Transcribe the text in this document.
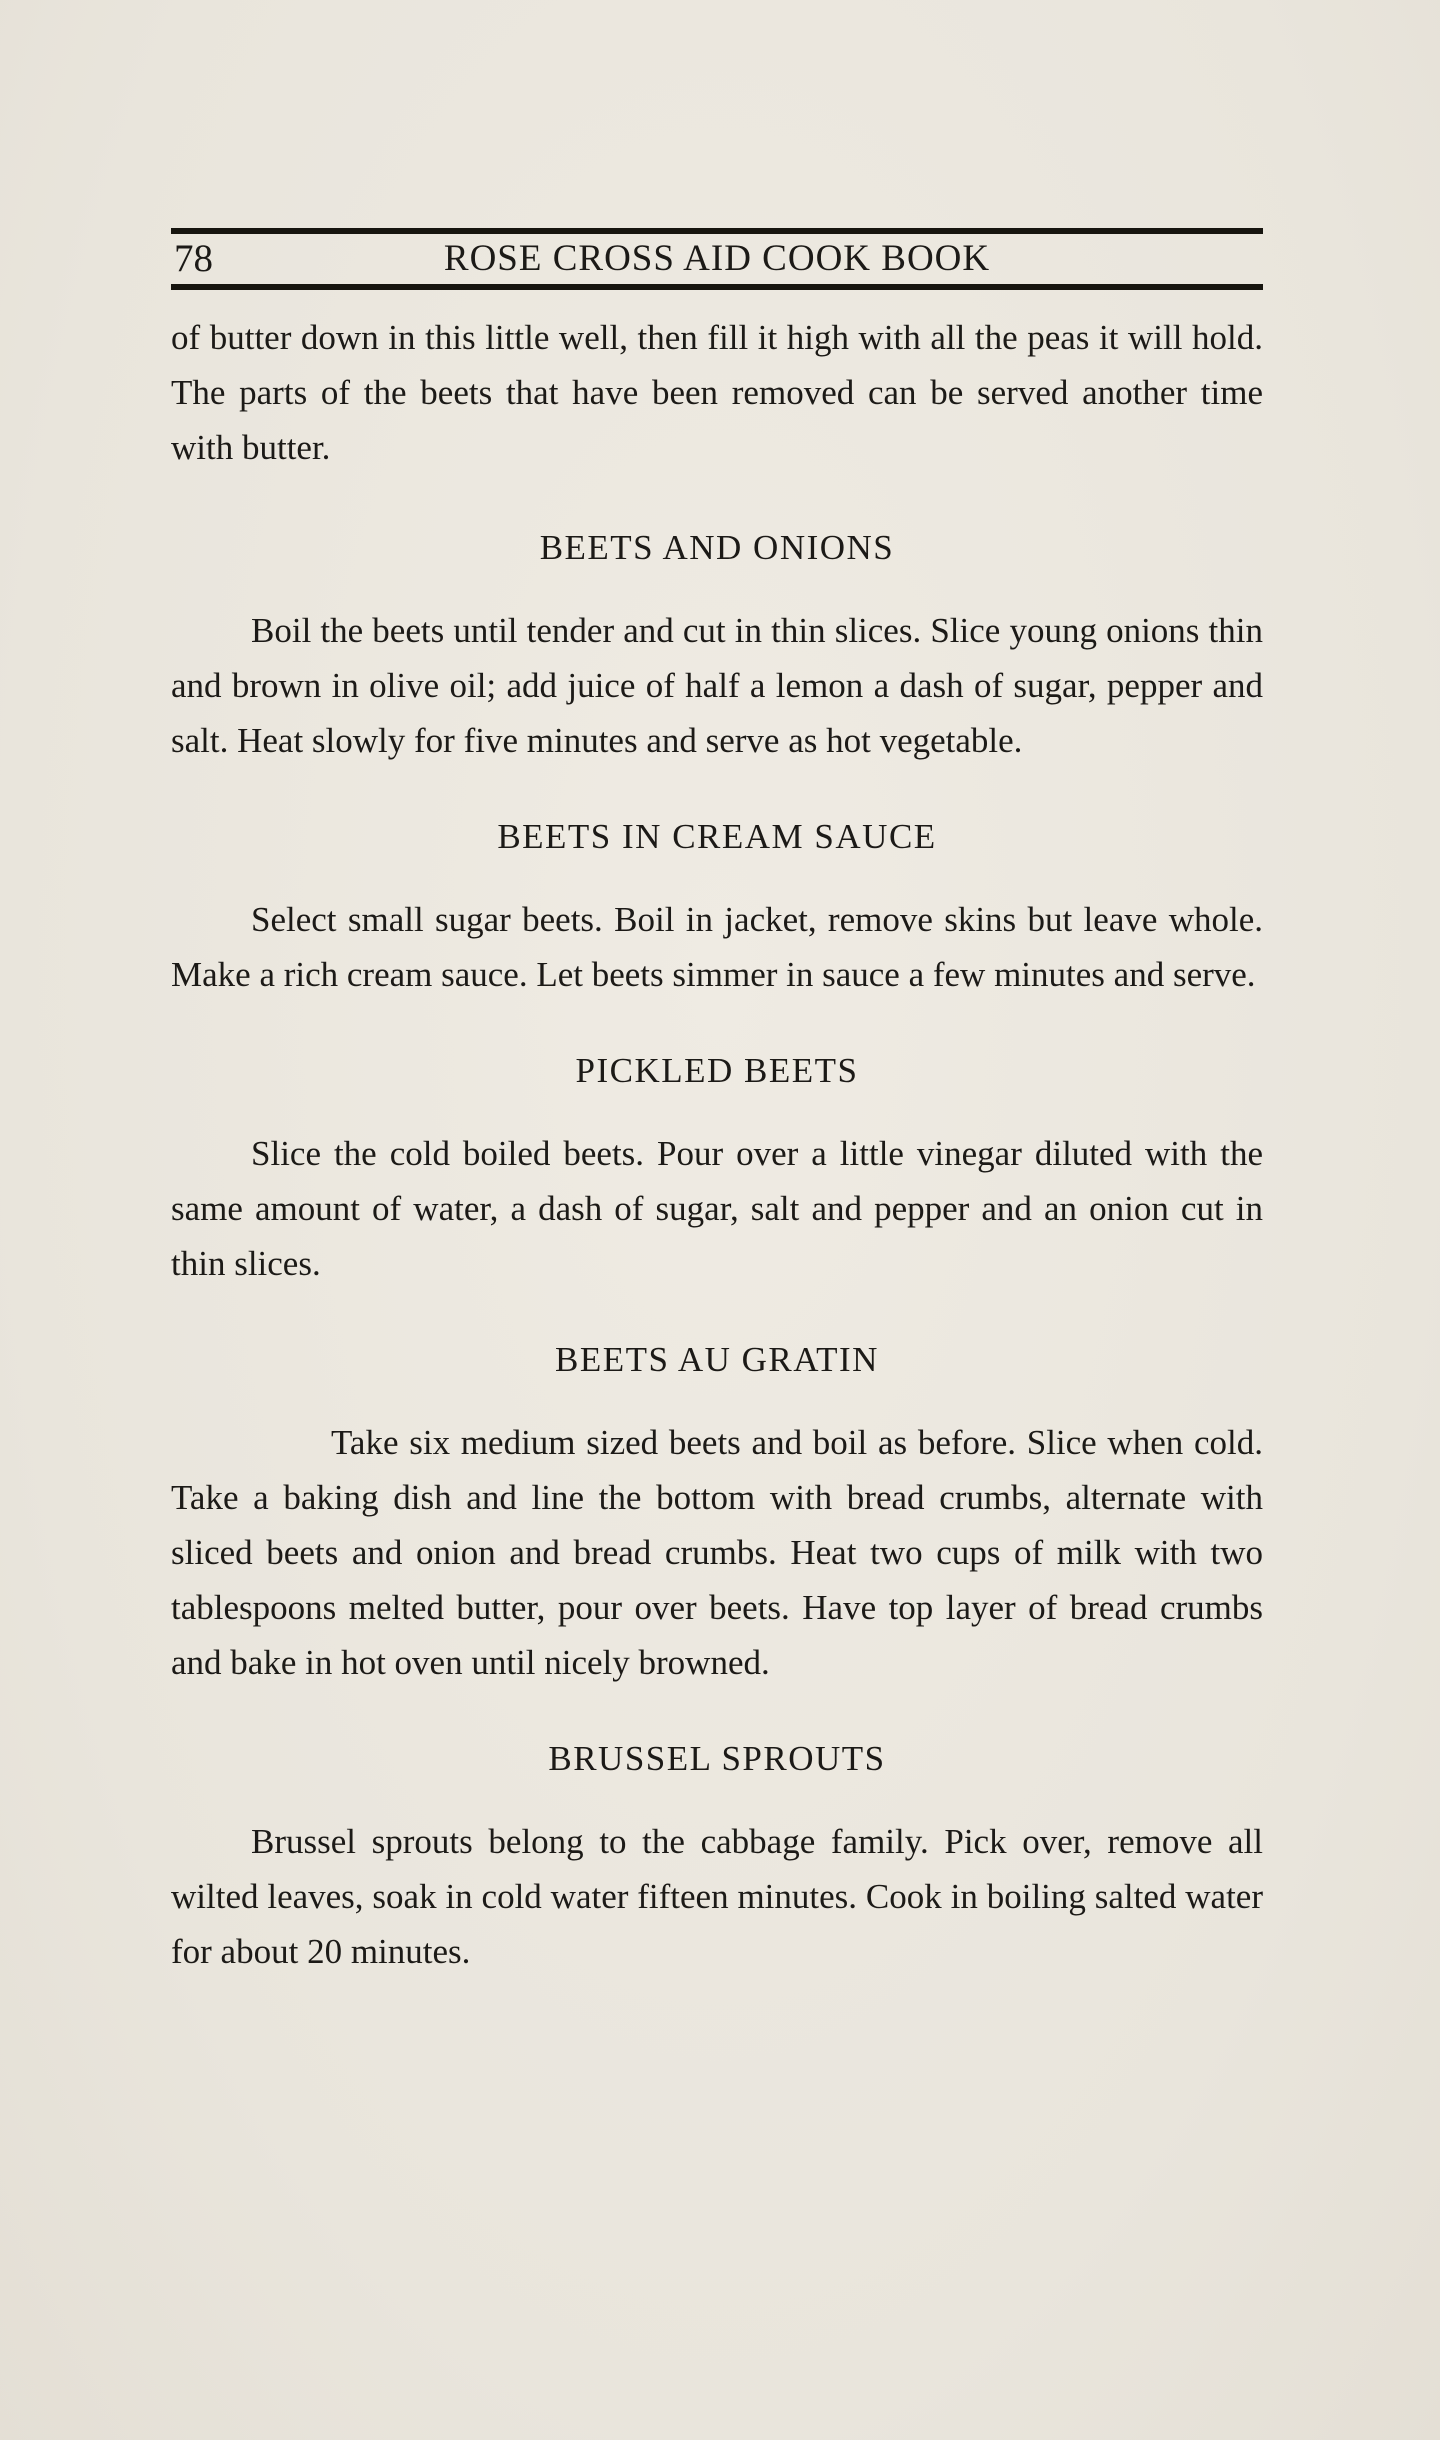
78	ROSE CROSS AID COOK BOOK

of butter down in this little well, then fill it high with all the peas it will hold. The parts of the beets that have been removed can be served another time with butter.

BEETS AND ONIONS

Boil the beets until tender and cut in thin slices. Slice young onions thin and brown in olive oil; add juice of half a lemon a dash of sugar, pepper and salt. Heat slowly for five minutes and serve as hot vegetable.

BEETS IN CREAM SAUCE

Select small sugar beets. Boil in jacket, remove skins but leave whole. Make a rich cream sauce. Let beets simmer in sauce a few minutes and serve.

PICKLED BEETS

Slice the cold boiled beets. Pour over a little vinegar diluted with the same amount of water, a dash of sugar, salt and pepper and an onion cut in thin slices.

BEETS AU GRATIN

Take six medium sized beets and boil as before. Slice when cold. Take a baking dish and line the bottom with bread crumbs, alternate with sliced beets and onion and bread crumbs. Heat two cups of milk with two tablespoons melted butter, pour over beets. Have top layer of bread crumbs and bake in hot oven until nicely browned.

BRUSSEL SPROUTS

Brussel sprouts belong to the cabbage family. Pick over, remove all wilted leaves, soak in cold water fifteen minutes. Cook in boiling salted water for about 20 minutes.
